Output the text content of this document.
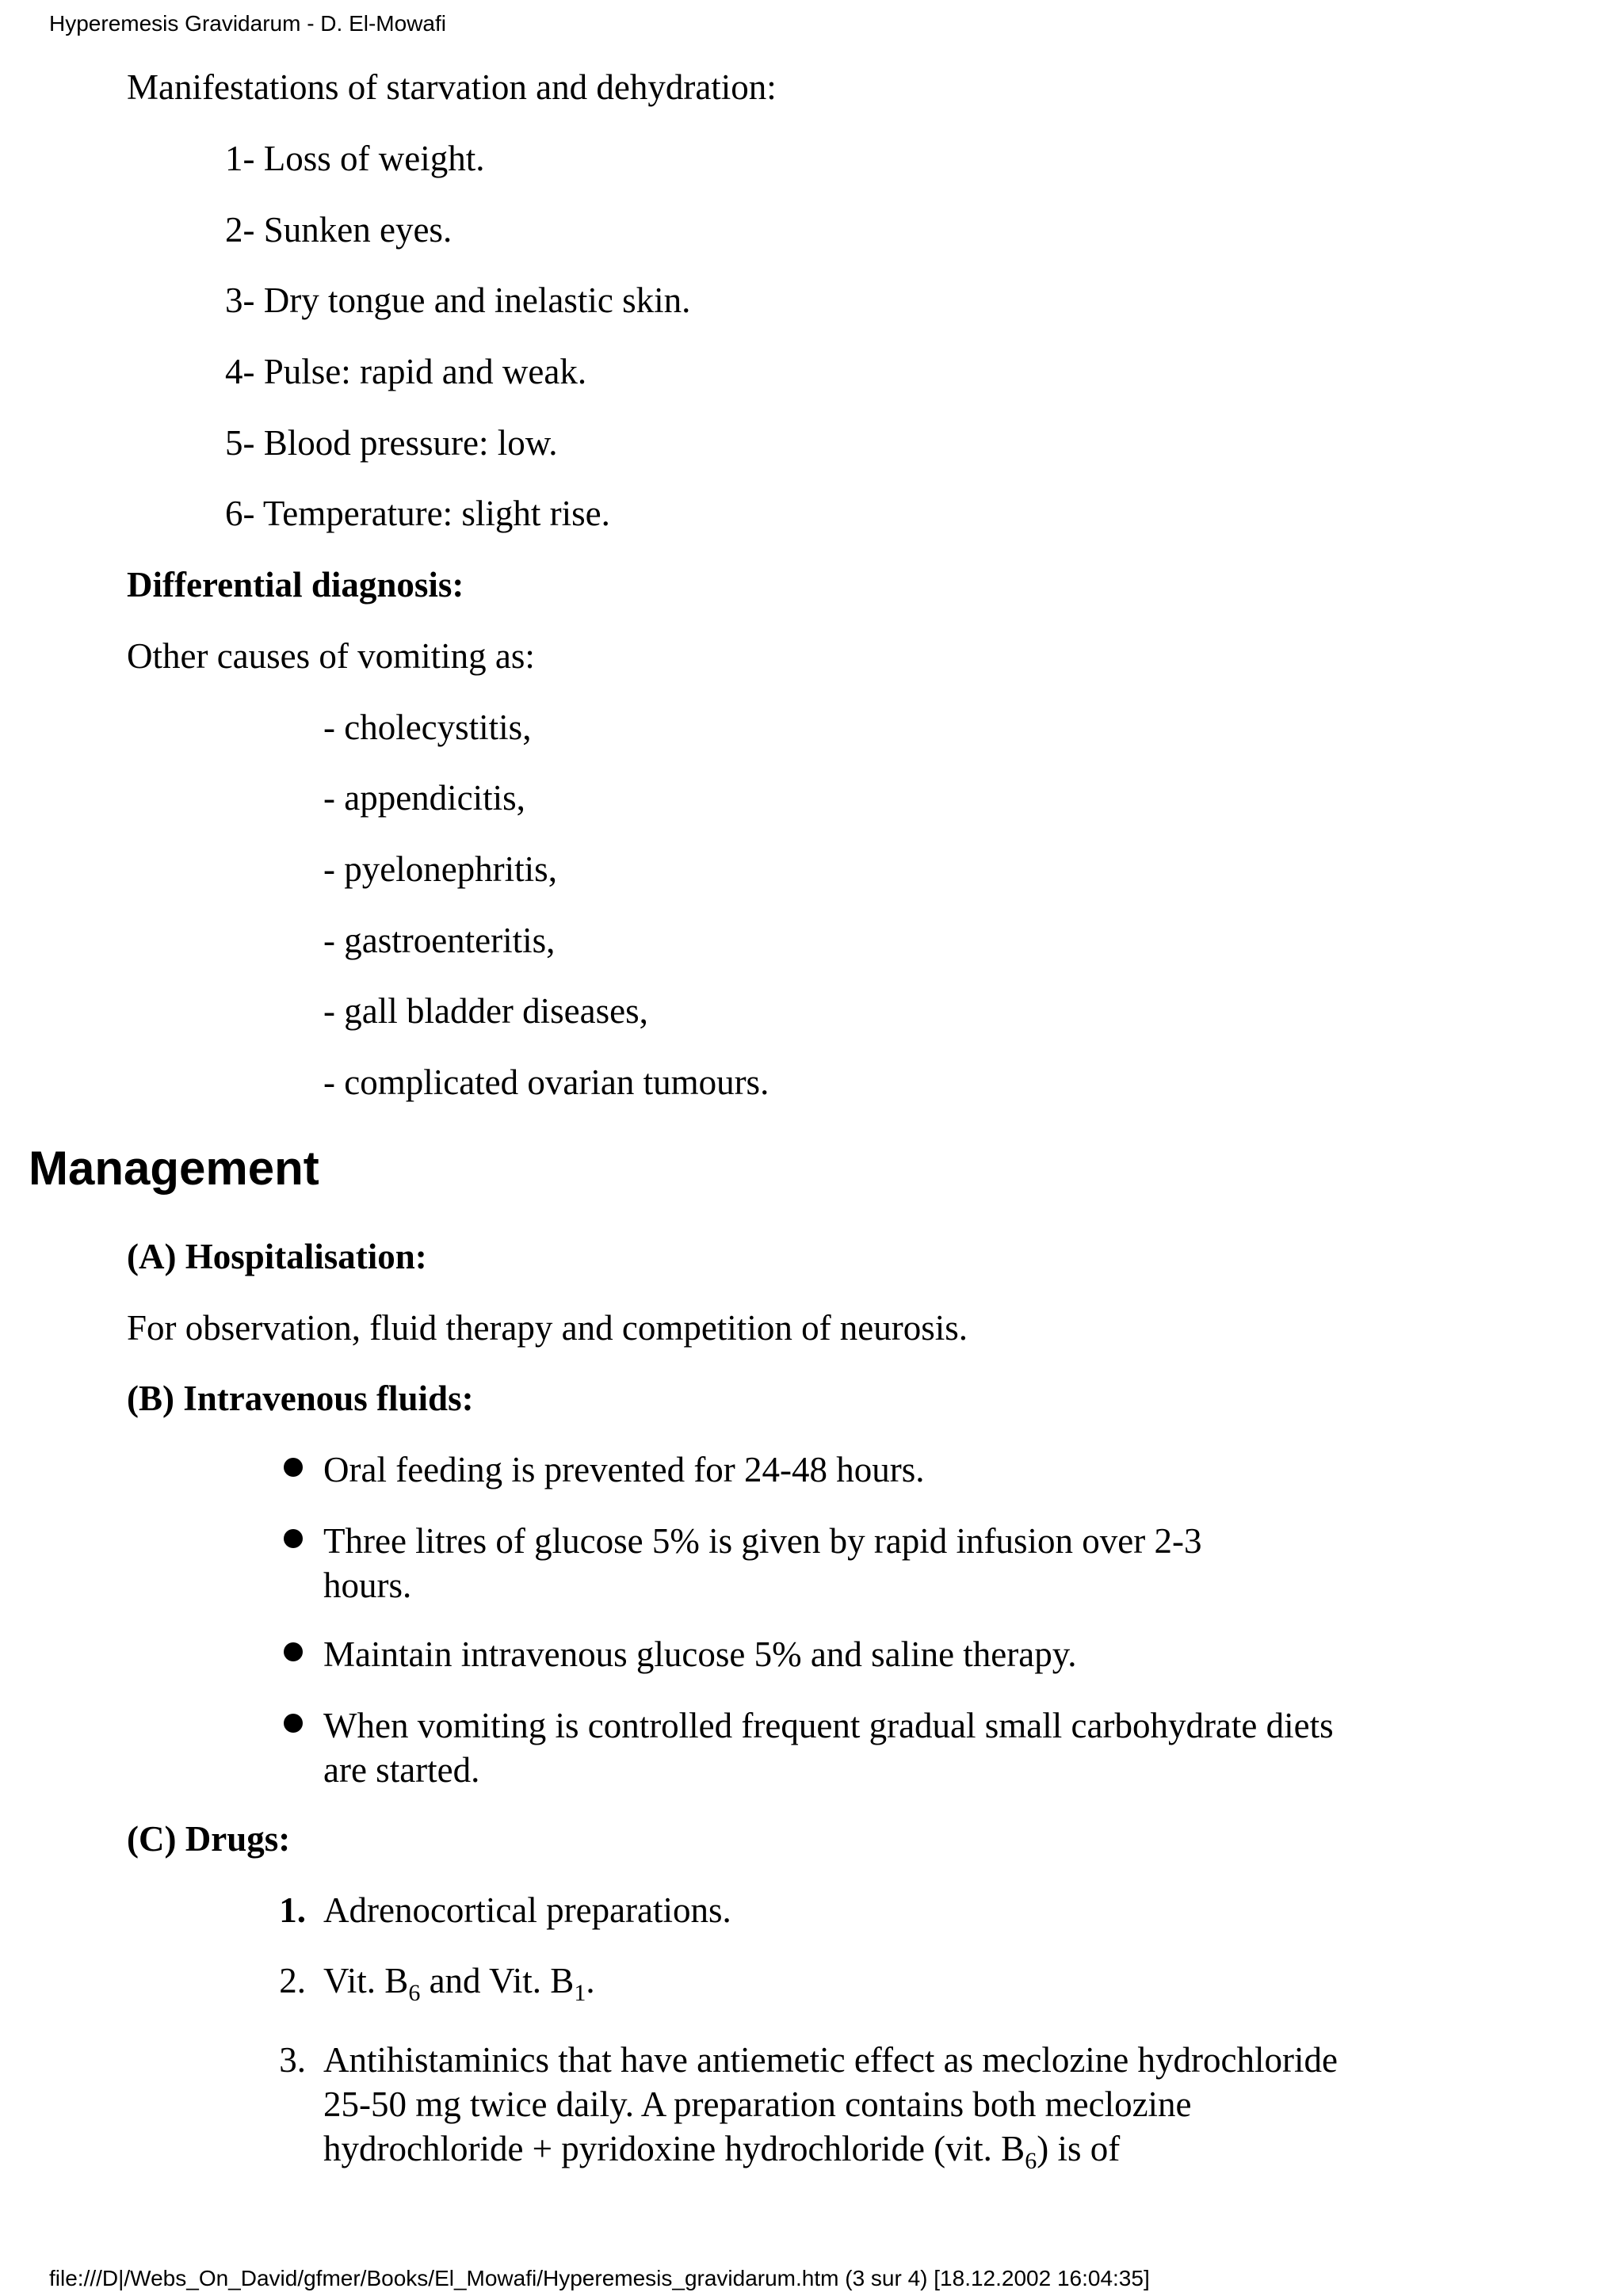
Hyperemesis Gravidarum - D. El-Mowafi
Manifestations of starvation and dehydration:
1- Loss of weight.
2- Sunken eyes.
3- Dry tongue and inelastic skin.
4- Pulse: rapid and weak.
5- Blood pressure: low.
6- Temperature: slight rise.
Differential diagnosis:
Other causes of vomiting as:
- cholecystitis,
- appendicitis,
- pyelonephritis,
- gastroenteritis,
- gall bladder diseases,
- complicated ovarian tumours.
Management
(A) Hospitalisation:
For observation, fluid therapy and competition of neurosis.
(B) Intravenous fluids:
Oral feeding is prevented for 24-48 hours.
Three litres of glucose 5% is given by rapid infusion over 2-3 hours.
Maintain intravenous glucose 5% and saline therapy.
When vomiting is controlled frequent gradual small carbohydrate diets are started.
(C) Drugs:
1. Adrenocortical preparations.
2. Vit. $B_6$ and Vit. $B_1$.
3. Antihistaminics that have antiemetic effect as meclozine hydrochloride 25-50 mg twice daily. A preparation contains both meclozine hydrochloride + pyridoxine hydrochloride (vit. $B_6$) is of
file:///D|/Webs_On_David/gfmer/Books/El_Mowafi/Hyperemesis_gravidarum.htm (3 sur 4) [18.12.2002 16:04:35]
